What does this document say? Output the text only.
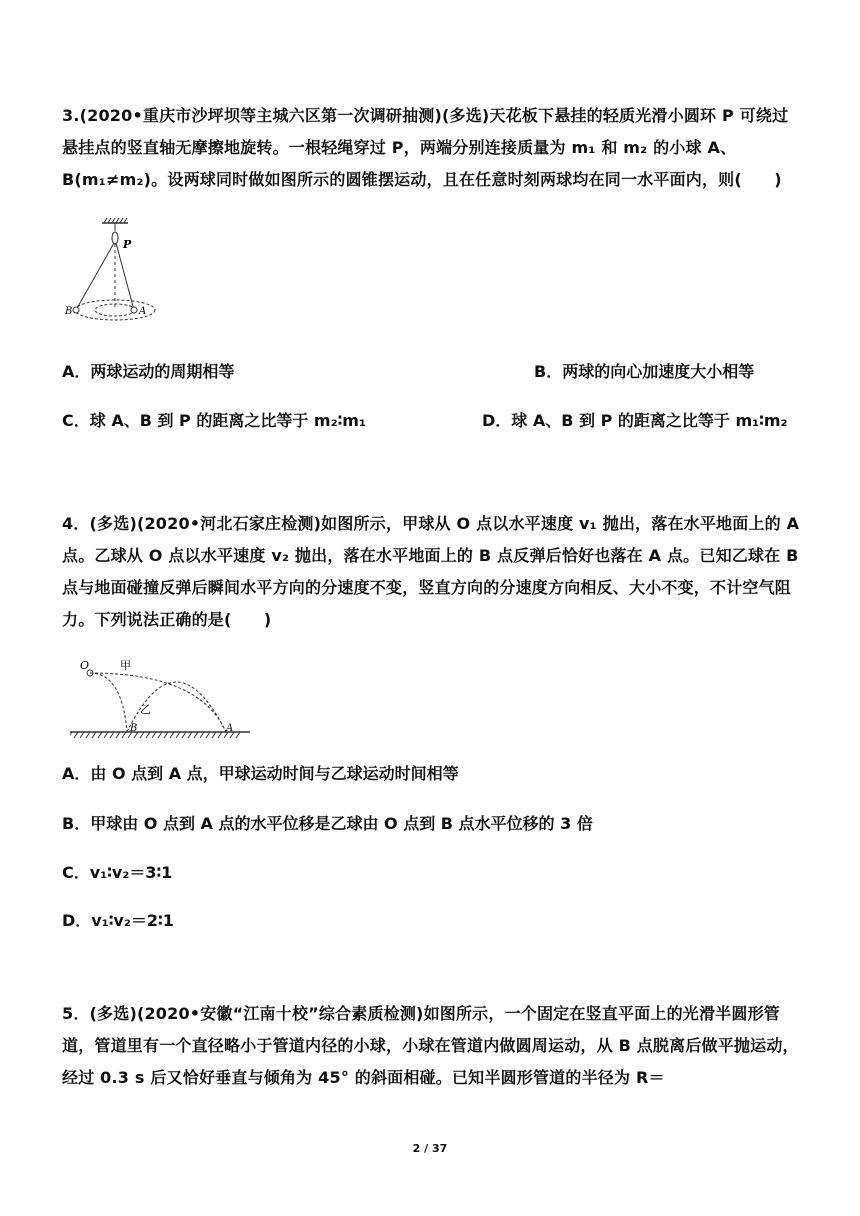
3.(2020•重庆市沙坪坝等主城六区第一次调研抽测)(多选)天花板下悬挂的轻质光滑小圆环 P 可绕过悬挂点的竖直轴无摩擦地旋转。一根轻绳穿过 P，两端分别连接质量为 m₁ 和 m₂ 的小球 A、B(m₁≠m₂)。设两球同时做如图所示的圆锥摆运动，且在任意时刻两球均在同一水平面内，则(　　)
P
B	A
A．两球运动的周期相等	B．两球的向心加速度大小相等
C．球 A、B 到 P 的距离之比等于 m₂∶m₁	D．球 A、B 到 P 的距离之比等于 m₁∶m₂
4．(多选)(2020•河北石家庄检测)如图所示，甲球从 O 点以水平速度 v₁ 抛出，落在水平地面上的 A 点。乙球从 O 点以水平速度 v₂ 抛出，落在水平地面上的 B 点反弹后恰好也落在 A 点。已知乙球在 B 点与地面碰撞反弹后瞬间水平方向的分速度不变，竖直方向的分速度方向相反、大小不变，不计空气阻力。下列说法正确的是(　　)
O	甲
乙
B	A
A．由 O 点到 A 点，甲球运动时间与乙球运动时间相等
B．甲球由 O 点到 A 点的水平位移是乙球由 O 点到 B 点水平位移的 3 倍
C．v₁∶v₂＝3∶1
D．v₁∶v₂＝2∶1
5．(多选)(2020•安徽“江南十校”综合素质检测)如图所示，一个固定在竖直平面上的光滑半圆形管道，管道里有一个直径略小于管道内径的小球，小球在管道内做圆周运动，从 B 点脱离后做平抛运动，经过 0.3 s 后又恰好垂直与倾角为 45° 的斜面相碰。已知半圆形管道的半径为 R＝
2 / 37
